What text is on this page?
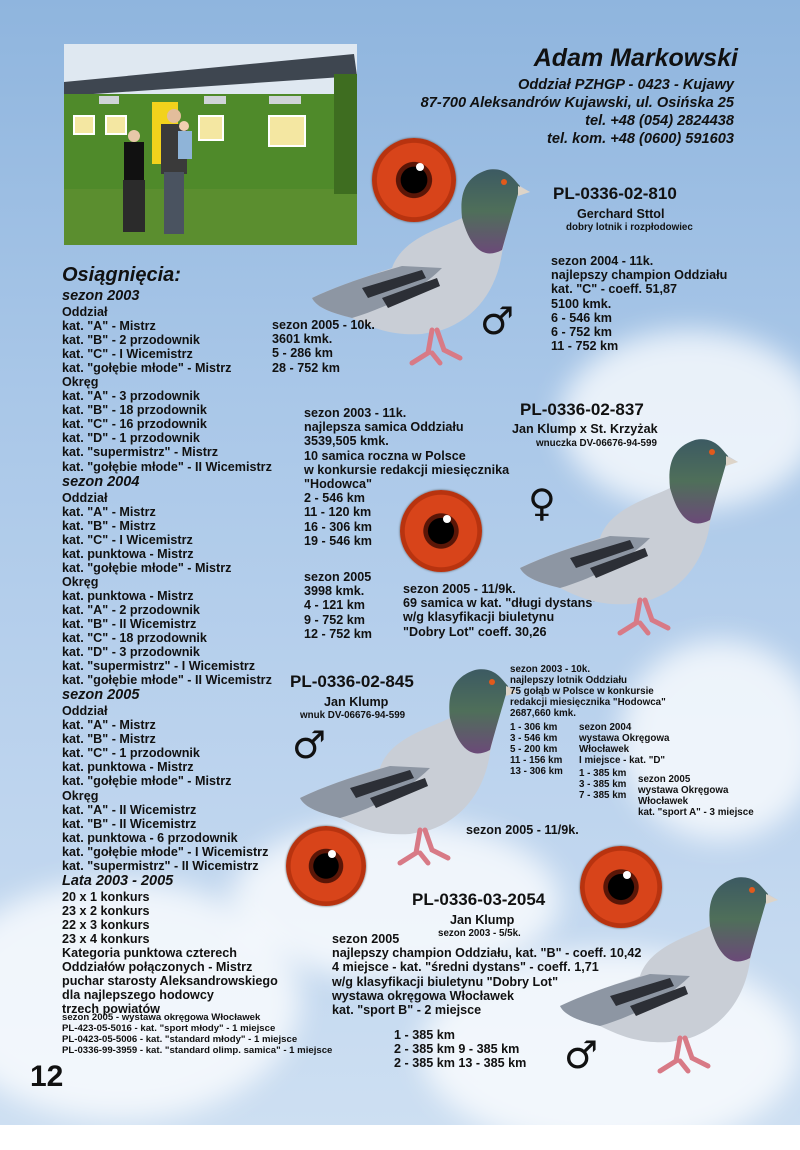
Adam Markowski
Oddział PZHGP - 0423 - Kujawy
87-700 Aleksandrów Kujawski, ul. Osińska 25
tel. +48 (054) 2824438
tel. kom. +48 (0600) 591603
Osiągnięcia:
sezon 2003
Oddział
kat. "A" - Mistrz
kat. "B" - 2 przodownik
kat. "C" - I Wicemistrz
kat. "gołębie młode" - Mistrz
Okręg
kat. "A" - 3 przodownik
kat. "B" - 18 przodownik
kat. "C" - 16 przodownik
kat. "D" - 1 przodownik
kat. "supermistrz" - Mistrz
kat. "gołębie młode" - II Wicemistrz
sezon 2004
Oddział
kat. "A" - Mistrz
kat. "B" - Mistrz
kat. "C" - I Wicemistrz
kat. punktowa - Mistrz
kat. "gołębie młode" - Mistrz
Okręg
kat. punktowa - Mistrz
kat. "A" - 2 przodownik
kat. "B" - II Wicemistrz
kat. "C" - 18 przodownik
kat. "D" - 3 przodownik
kat. "supermistrz" - I Wicemistrz
kat. "gołębie młode" - II Wicemistrz
sezon 2005
Oddział
kat. "A" - Mistrz
kat. "B" - Mistrz
kat. "C" - 1 przodownik
kat. punktowa - Mistrz
kat. "gołębie młode" - Mistrz
Okręg
kat. "A" - II Wicemistrz
kat. "B" - II Wicemistrz
kat. punktowa - 6 przodownik
kat. "gołębie młode" - I Wicemistrz
kat. "supermistrz" - II Wicemistrz
Lata 2003 - 2005
20 x 1 konkurs
23 x 2 konkurs
22 x 3 konkurs
23 x 4 konkurs
Kategoria punktowa czterech
Oddziałów połączonych - Mistrz
puchar starosty Aleksandrowskiego
dla najlepszego hodowcy
trzech powiatów
sezon 2005 - wystawa okręgowa Włocławek
PL-423-05-5016 - kat. "sport młody" - 1 miejsce
PL-0423-05-5006 - kat. "standard młody" - 1 miejsce
PL-0336-99-3959 - kat. "standard olimp. samica" - 1 miejsce
PL-0336-02-810
Gerchard Sttol
dobry lotnik i rozpłodowiec
sezon 2004 - 11k.
najlepszy champion Oddziału
kat. "C" - coeff. 51,87
5100 kmk.
6 - 546 km
6 - 752 km
11 - 752 km
sezon 2005 - 10k.
3601 kmk.
5 - 286 km
28 - 752 km
♂
PL-0336-02-837
Jan Klump x St. Krzyżak
wnuczka DV-06676-94-599
sezon 2003 - 11k.
najlepsza samica Oddziału
3539,505 kmk.
10 samica roczna w Polsce
w konkursie redakcji miesięcznika
"Hodowca"
2 - 546 km
11 - 120 km
16 - 306 km
19 - 546 km
sezon 2005
3998 kmk.
4 - 121 km
9 - 752 km
12 - 752 km
sezon 2005 - 11/9k.
69 samica w kat. "długi dystans"
w/g klasyfikacji biuletynu
"Dobry Lot" coeff. 30,26
♀
PL-0336-02-845
Jan Klump
wnuk DV-06676-94-599
♂
sezon 2003 - 10k.
najlepszy lotnik Oddziału
75 gołąb w Polsce w konkursie
redakcji miesięcznika "Hodowca"
2687,660 kmk.
1 - 306 km
3 - 546 km
5 - 200 km
11 - 156 km
13 - 306 km
sezon 2004
wystawa Okręgowa
Włocławek
I miejsce - kat. "D"
1 - 385 km
3 - 385 km
7 - 385 km
sezon 2005
wystawa Okręgowa
Włocławek
kat. "sport A" - 3 miejsce
sezon 2005 - 11/9k.
PL-0336-03-2054
Jan Klump
sezon 2003 - 5/5k.
sezon 2005
najlepszy champion Oddziału, kat. "B" - coeff. 10,42
4 miejsce - kat. "średni dystans" - coeff. 1,71
w/g klasyfikacji biuletynu "Dobry Lot"
wystawa okręgowa Włocławek
kat. "sport B" - 2 miejsce
1 - 385 km
2 - 385 km 9 - 385 km
2 - 385 km 13 - 385 km ♂
12
